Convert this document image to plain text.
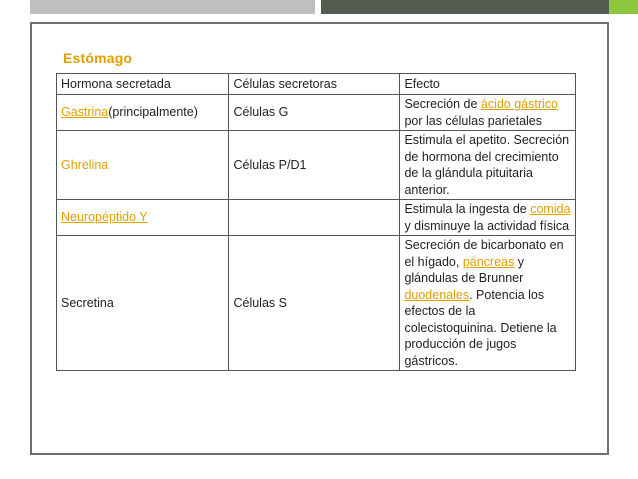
Estómago
Hormona secretada	Células secretoras	Efecto
Gastrina(principalmente)	Células G	Secreción de ácido gástrico por las células parietales
Ghrelina	Células P/D1	Estimula el apetito. Secreción de hormona del crecimiento de la glándula pituitaria anterior.
Neuropéptido Y		Estimula la ingesta de comida y disminuye la actividad física
Secretina	Células S	Secreción de bicarbonato en el hígado, páncreas y glándulas de Brunner duodenales. Potencia los efectos de la colecistoquinina. Detiene la producción de jugos gástricos.
